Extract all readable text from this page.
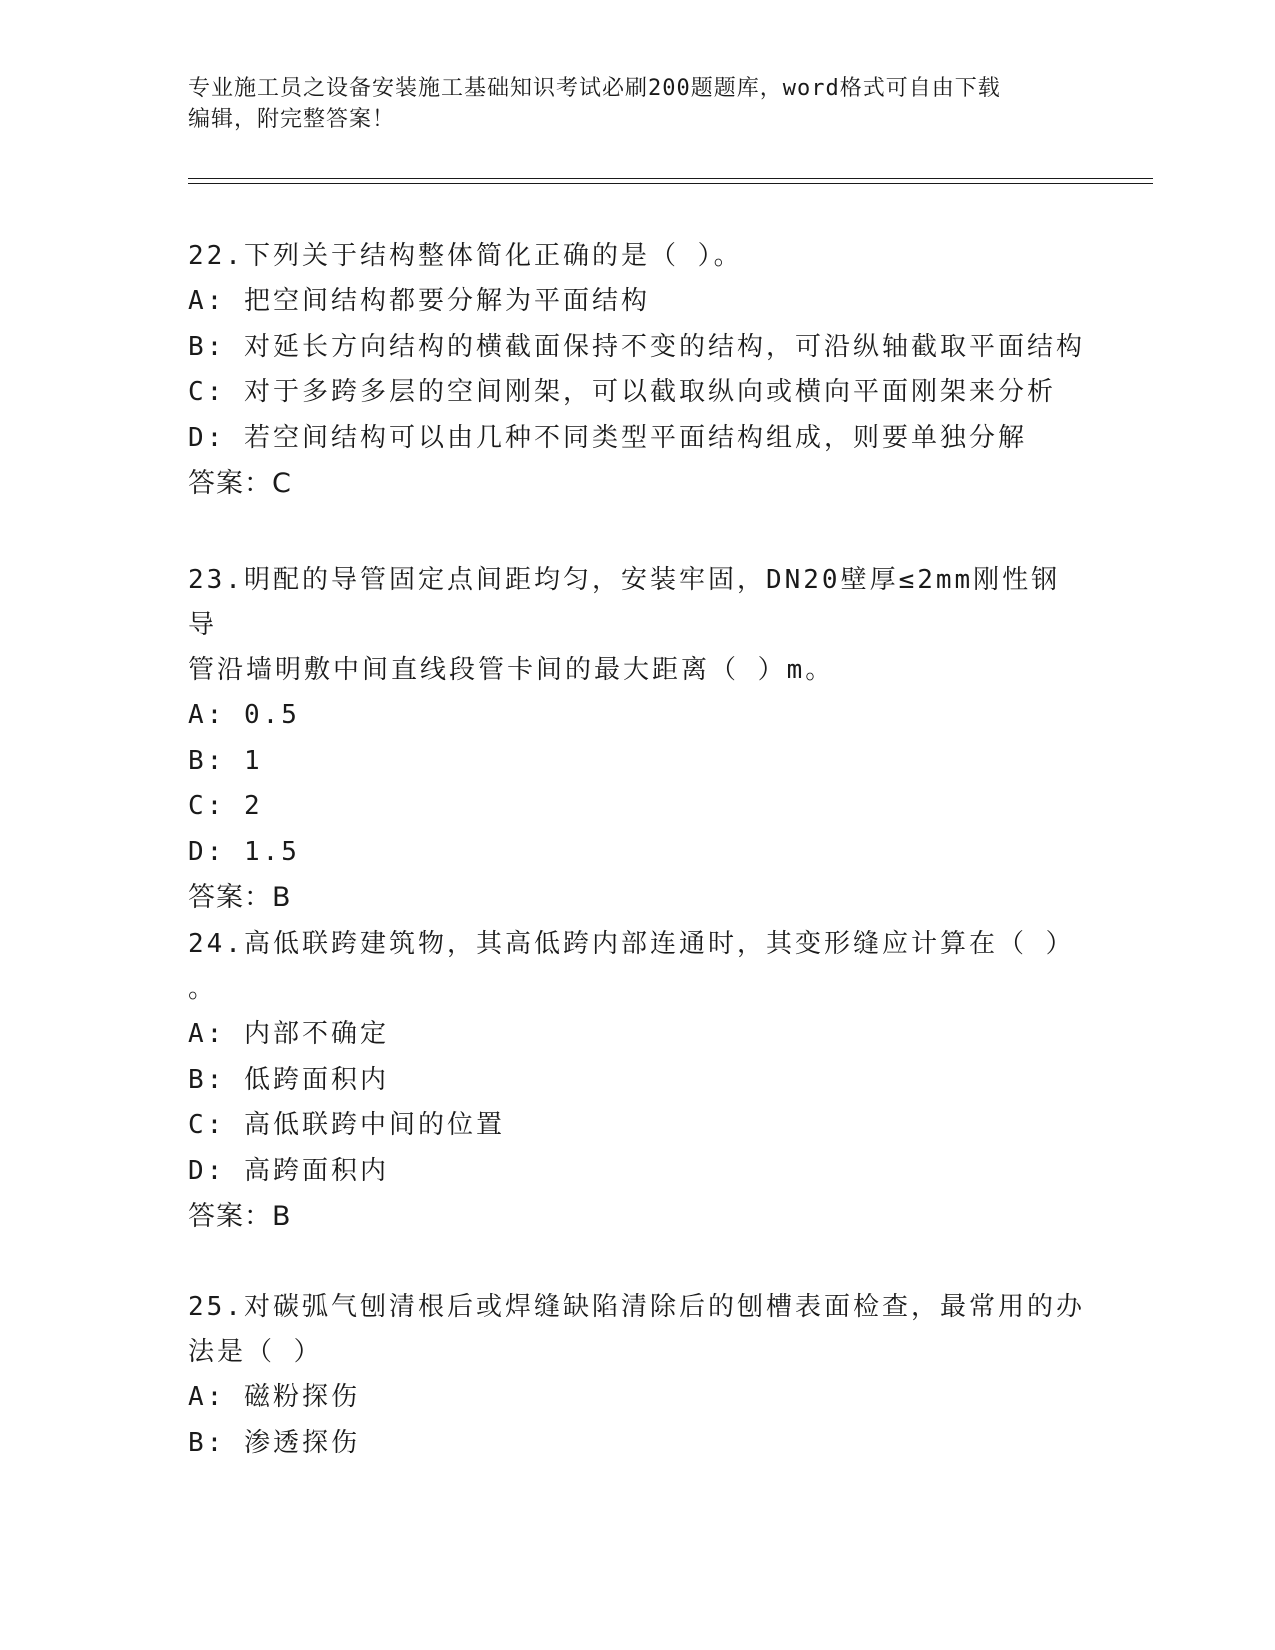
专业施工员之设备安装施工基础知识考试必刷200题题库，word格式可自由下载
编辑，附完整答案！
22.下列关于结构整体简化正确的是（ ）。
A: 把空间结构都要分解为平面结构
B: 对延长方向结构的横截面保持不变的结构，可沿纵轴截取平面结构
C: 对于多跨多层的空间刚架，可以截取纵向或横向平面刚架来分析
D: 若空间结构可以由几种不同类型平面结构组成，则要单独分解
答案：C
23.明配的导管固定点间距均匀，安装牢固，DN20壁厚≤2mm刚性钢导
管沿墙明敷中间直线段管卡间的最大距离（ ）m。
A: 0.5
B: 1
C: 2
D: 1.5
答案：B
24.高低联跨建筑物，其高低跨内部连通时，其变形缝应计算在（ ）
。
A: 内部不确定
B: 低跨面积内
C: 高低联跨中间的位置
D: 高跨面积内
答案：B
25.对碳弧气刨清根后或焊缝缺陷清除后的刨槽表面检查，最常用的办
法是（ ）
A: 磁粉探伤
B: 渗透探伤
